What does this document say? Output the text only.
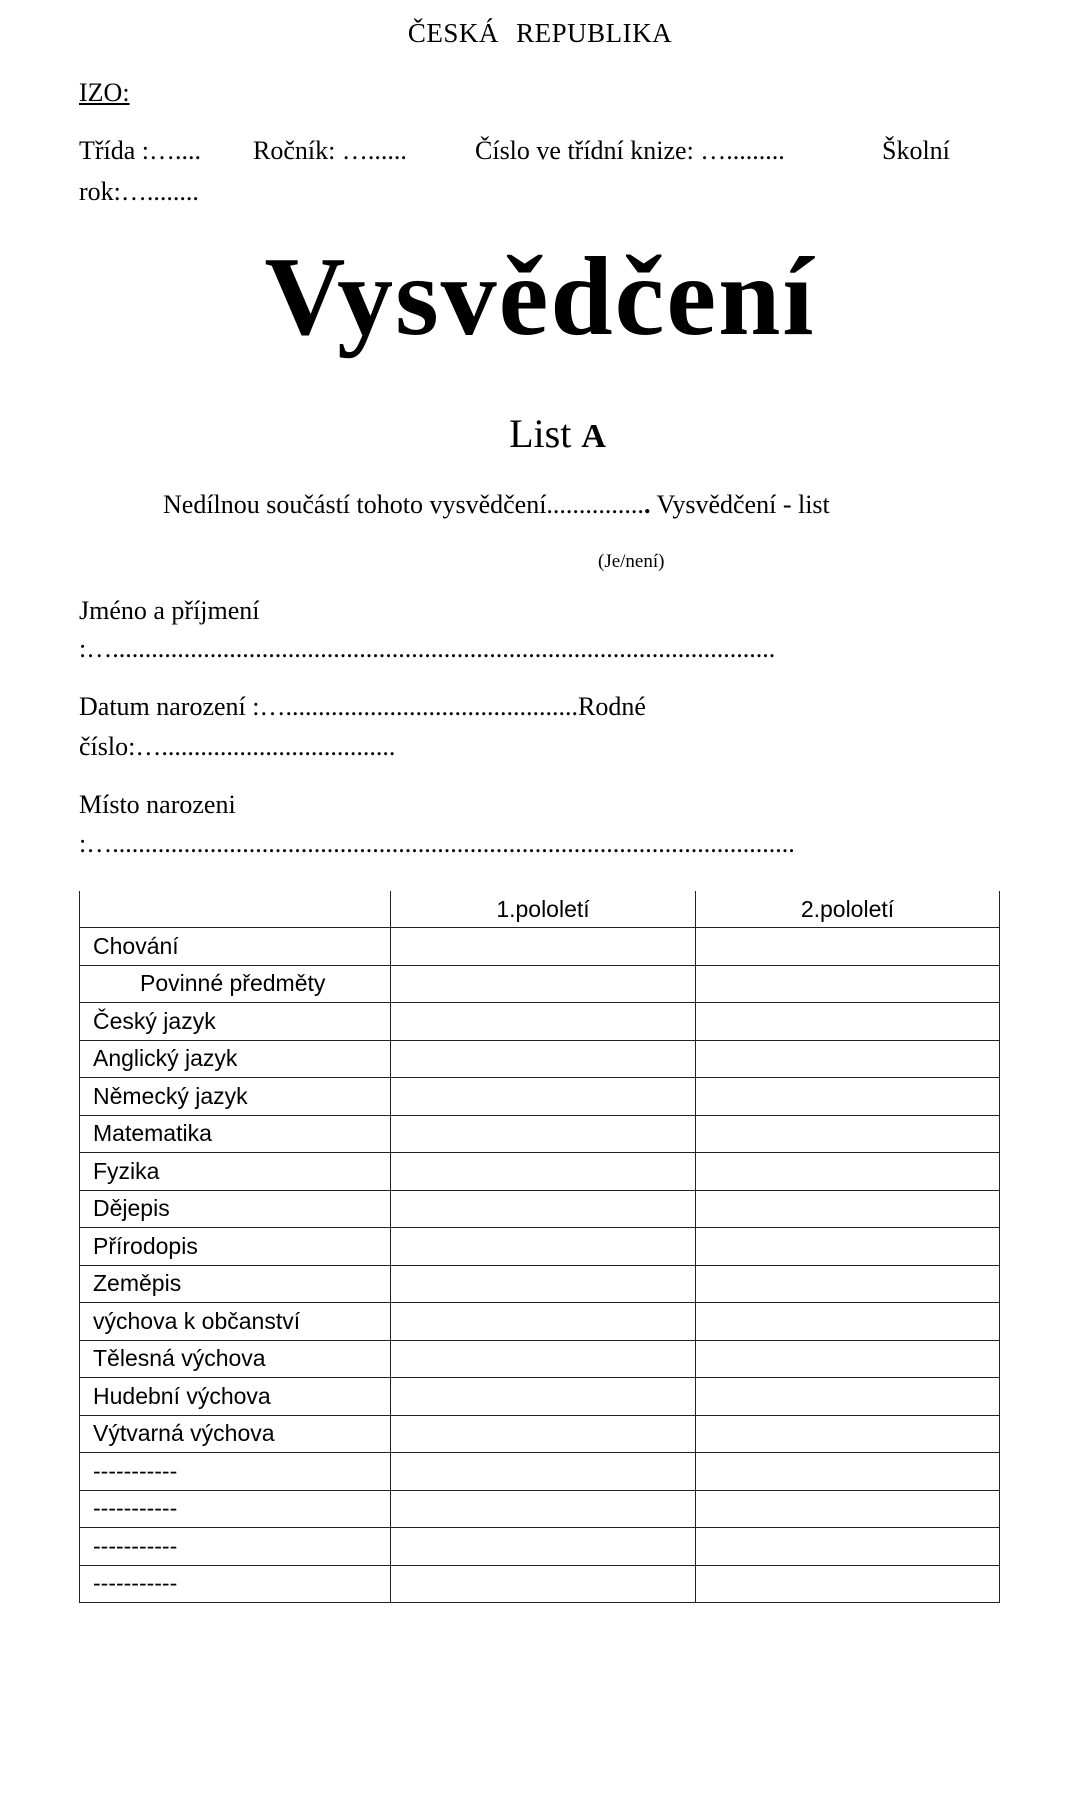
ČESKÁ REPUBLIKA
IZO:
Třída :….... Ročník: …......	Číslo ve třídní knize: ….........	Školní
rok:…........
Vysvědčení
List A
Nedílnou součástí tohoto vysvědčení................ Vysvědčení - list
(Je/není)
Jméno a příjmení
:…......................................................................................................
Datum narození :….............................................Rodné
číslo:…....................................
Místo narozeni
:….........................................................................................................
	1.pololetí	2.pololetí
Chování		
Povinné předměty		
Český jazyk		
Anglický jazyk		
Německý jazyk		
Matematika		
Fyzika		
Dějepis		
Přírodopis		
Zeměpis		
výchova k občanství		
Tělesná výchova		
Hudební výchova		
Výtvarná výchova		
-----------		
-----------		
-----------		
-----------		
